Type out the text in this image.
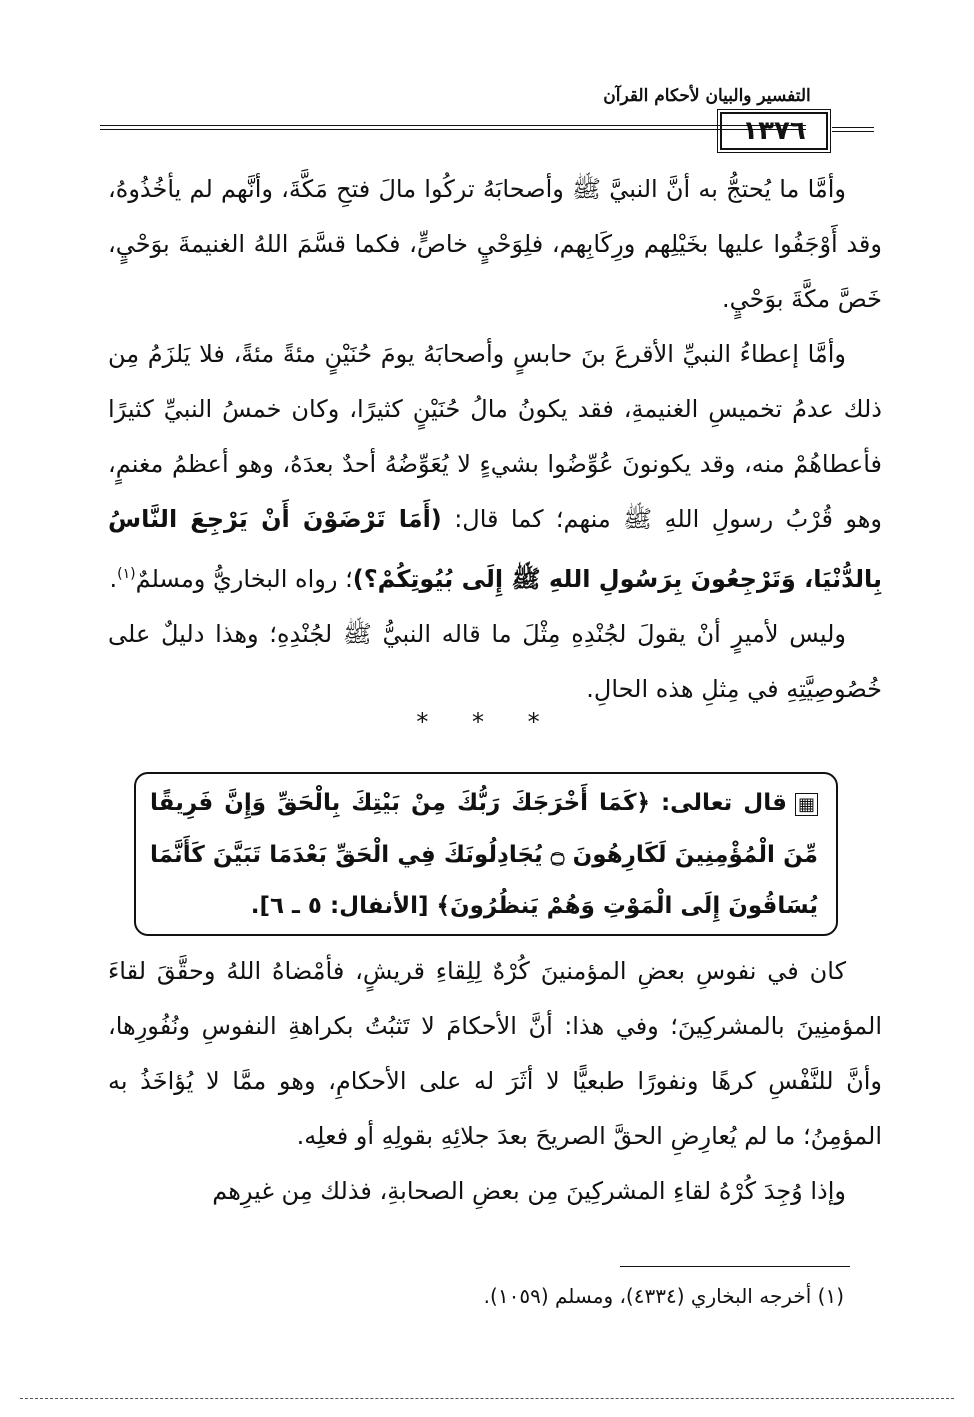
التفسير والبيان لأحكام القرآن
١٣٧٦

وأمَّا ما يُحتجُّ به أنَّ النبيَّ ﷺ وأصحابَهُ تركُوا مالَ فتحِ مَكَّةَ، وأنَّهم لم يأخُذُوهُ، وقد أَوْجَفُوا عليها بخَيْلِهم ورِكَابِهم، فلِوَحْيٍ خاصٍّ، فكما قسَّمَ اللهُ الغنيمةَ بوَحْيٍ، خَصَّ مكَّةَ بوَحْيٍ.

وأمَّا إعطاءُ النبيِّ الأقرعَ بنَ حابسٍ وأصحابَهُ يومَ حُنَيْنٍ مئةً مئةً، فلا يَلزَمُ مِن ذلك عدمُ تخميسِ الغنيمةِ، فقد يكونُ مالُ حُنَيْنٍ كثيرًا، وكان خمسُ النبيِّ كثيرًا فأعطاهُمْ منه، وقد يكونونَ عُوِّضُوا بشيءٍ لا يُعَوِّضُهُ أحدٌ بعدَهُ، وهو أعظمُ مغنمٍ، وهو قُرْبُ رسولِ اللهِ ﷺ منهم؛ كما قال: (أَمَا تَرْضَوْنَ أَنْ يَرْجِعَ النَّاسُ بِالدُّنْيَا، وَتَرْجِعُونَ بِرَسُولِ اللهِ ﷺ إِلَى بُيُوتِكُمْ؟)؛ رواه البخاريُّ ومسلمٌ$^{(١)}$.

وليس لأميرٍ أنْ يقولَ لجُنْدِهِ مِثْلَ ما قاله النبيُّ ﷺ لجُنْدِهِ؛ وهذا دليلٌ على خُصُوصِيَّتِهِ في مِثلِ هذه الحالِ.

* * *
▦قال تعالى: ﴿كَمَا أَخْرَجَكَ رَبُّكَ مِنْ بَيْتِكَ بِالْحَقِّ وَإِنَّ فَرِيقًا مِّنَ الْمُؤْمِنِينَ لَكَارِهُونَ ۝ يُجَادِلُونَكَ فِي الْحَقِّ بَعْدَمَا تَبَيَّنَ كَأَنَّمَا يُسَاقُونَ إِلَى الْمَوْتِ وَهُمْ يَنظُرُونَ﴾ [الأنفال: ٥ ـ ٦].

كان في نفوسِ بعضِ المؤمنينَ كُرْهٌ لِلِقاءِ قريشٍ، فأمْضاهُ اللهُ وحقَّقَ لقاءَ المؤمنِينَ بالمشركِينَ؛ وفي هذا: أنَّ الأحكامَ لا تَثبُتُ بكراهةِ النفوسِ ونُفُورِها، وأنَّ للنَّفْسِ كرهًا ونفورًا طبعيًّا لا أثَرَ له على الأحكامِ، وهو ممَّا لا يُؤاخَذُ به المؤمِنُ؛ ما لم يُعارِضِ الحقَّ الصريحَ بعدَ جلائِهِ بقولِهِ أو فعلِه.

وإذا وُجِدَ كُرْهُ لقاءِ المشركِينَ مِن بعضِ الصحابةِ، فذلك مِن غيرِهم

(١) أخرجه البخاري (٤٣٣٤)، ومسلم (١٠٥٩).
